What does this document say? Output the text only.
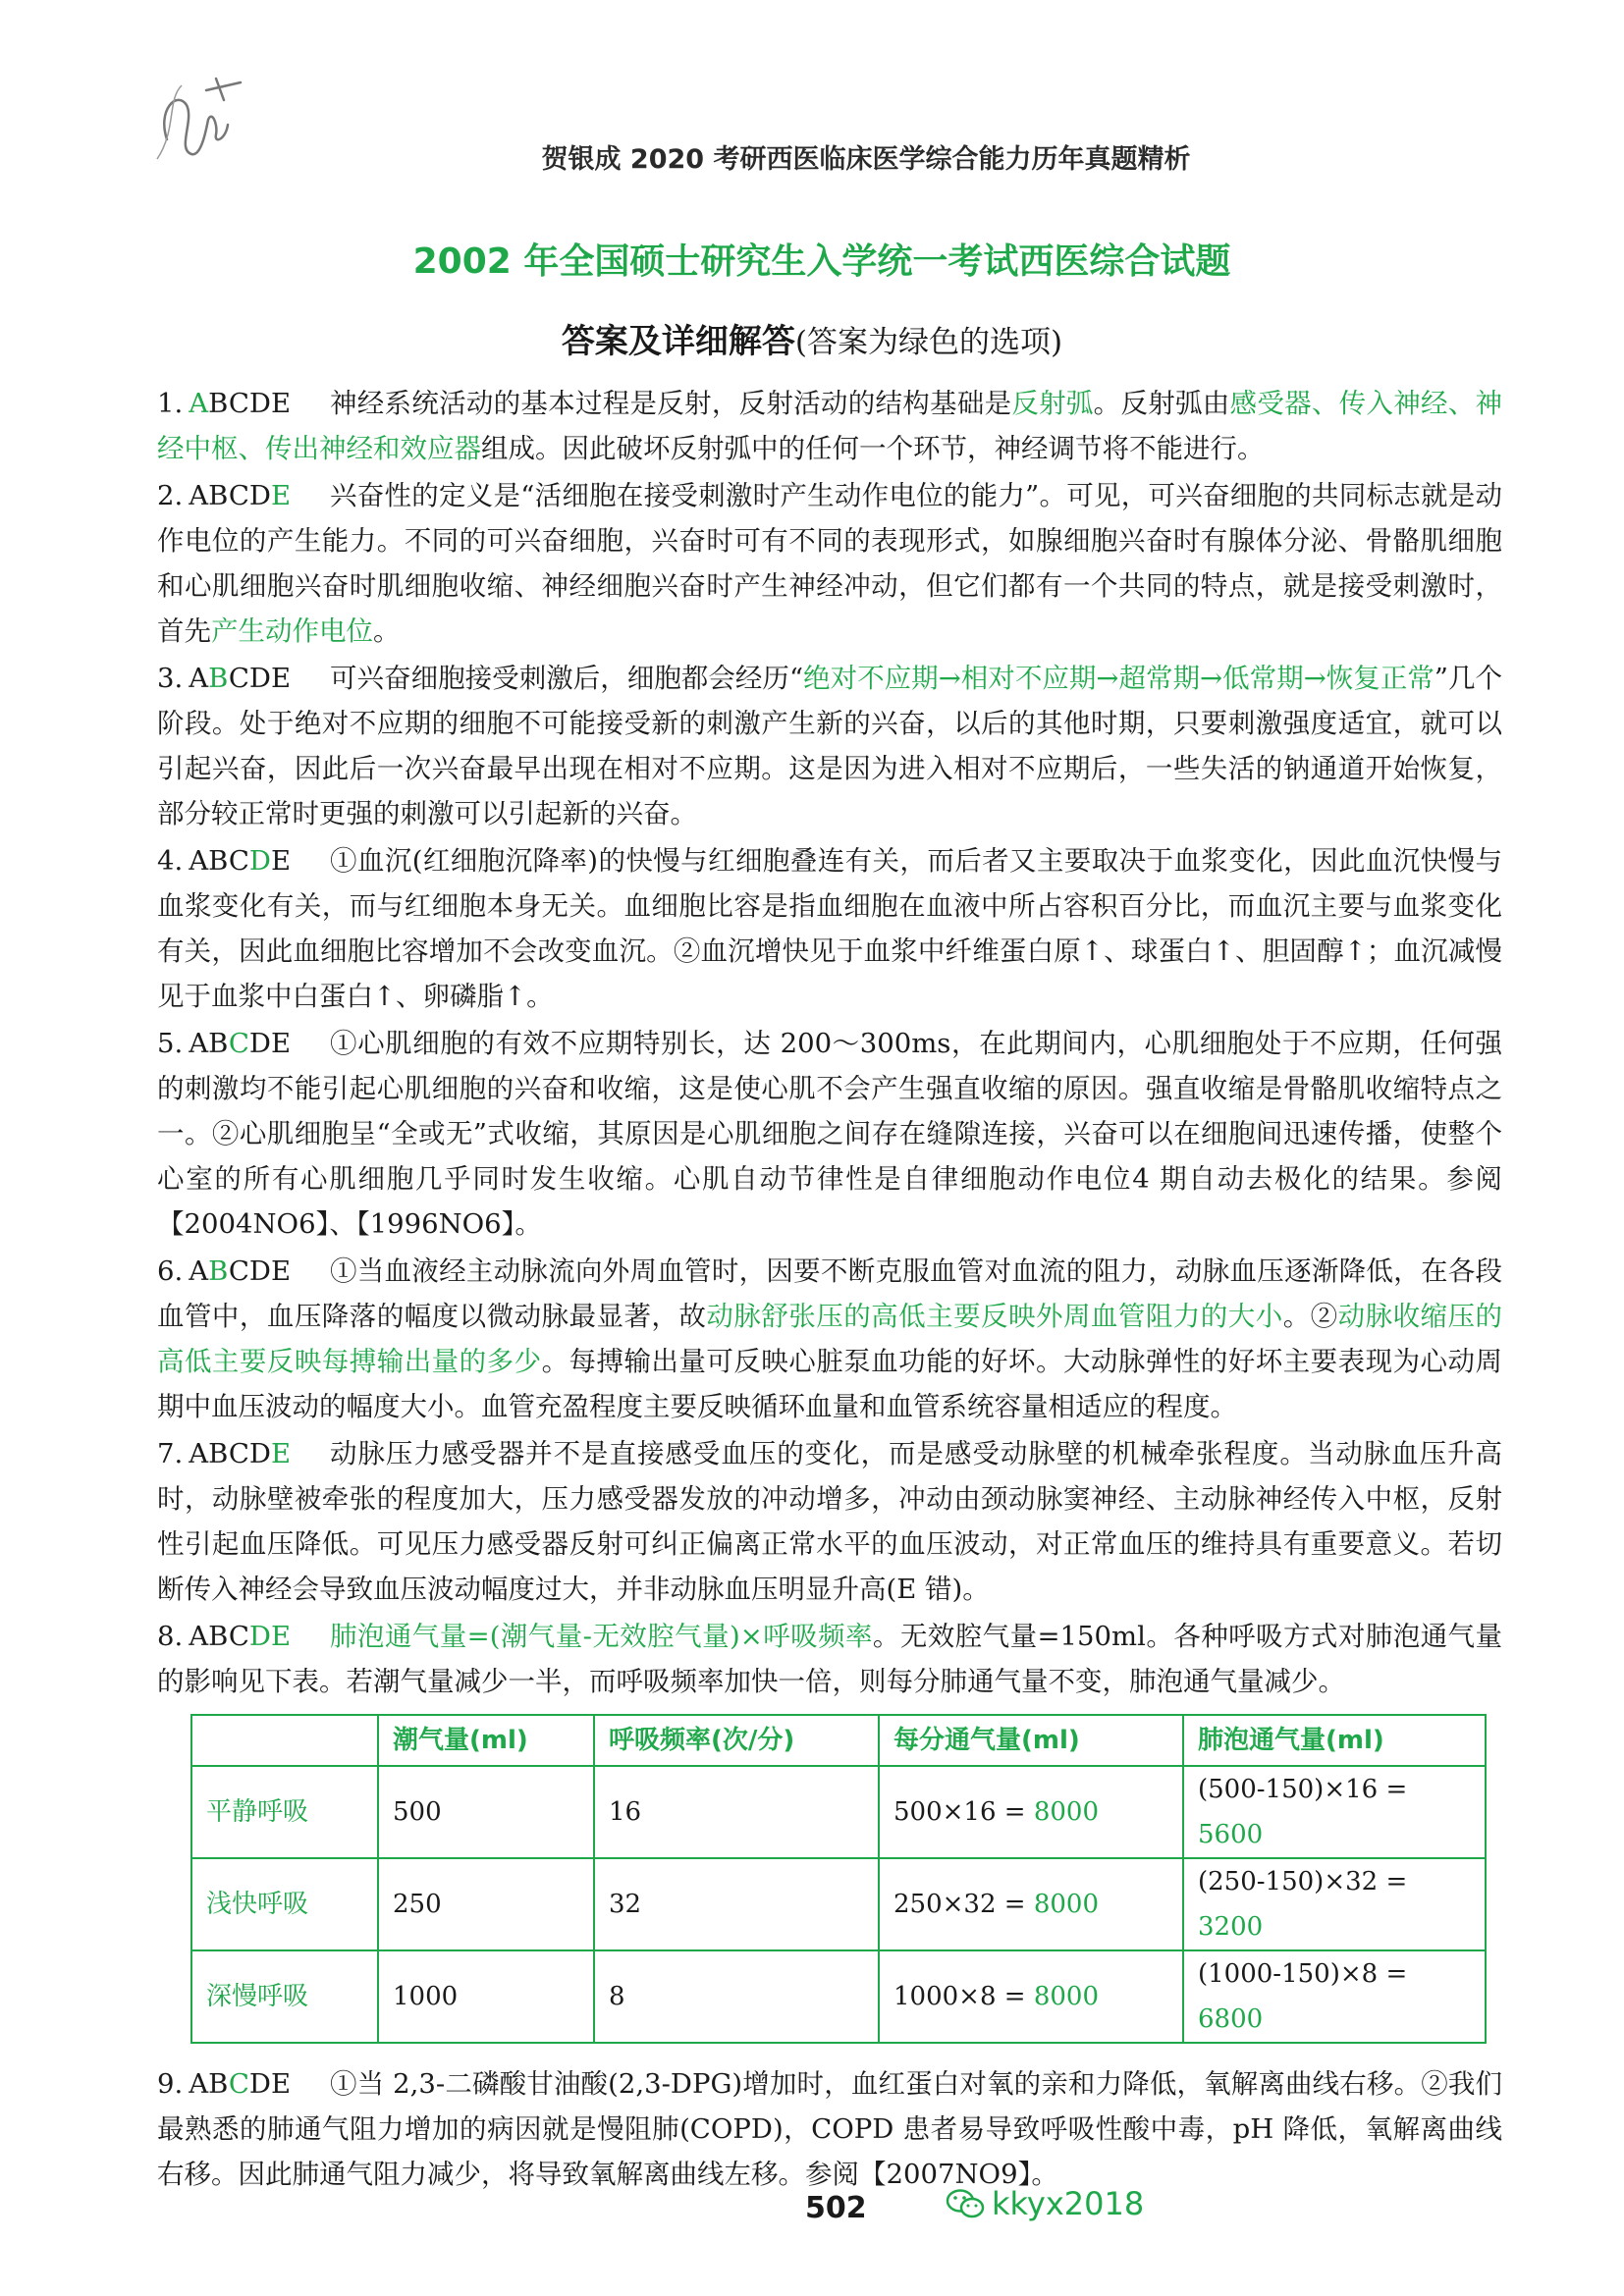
贺银成 2020 考研西医临床医学综合能力历年真题精析
2002 年全国硕士研究生入学统一考试西医综合试题
答案及详细解答(答案为绿色的选项)
1. ABCDE	神经系统活动的基本过程是反射，反射活动的结构基础是反射弧。反射弧由感受器、传入神经、神经中枢、传出神经和效应器组成。因此破坏反射弧中的任何一个环节，神经调节将不能进行。
2. ABCDE	兴奋性的定义是“活细胞在接受刺激时产生动作电位的能力”。可见，可兴奋细胞的共同标志就是动作电位的产生能力。不同的可兴奋细胞，兴奋时可有不同的表现形式，如腺细胞兴奋时有腺体分泌、骨骼肌细胞和心肌细胞兴奋时肌细胞收缩、神经细胞兴奋时产生神经冲动，但它们都有一个共同的特点，就是接受刺激时，首先产生动作电位。
3. ABCDE	可兴奋细胞接受刺激后，细胞都会经历“绝对不应期→相对不应期→超常期→低常期→恢复正常”几个阶段。处于绝对不应期的细胞不可能接受新的刺激产生新的兴奋，以后的其他时期，只要刺激强度适宜，就可以引起兴奋，因此后一次兴奋最早出现在相对不应期。这是因为进入相对不应期后，一些失活的钠通道开始恢复，部分较正常时更强的刺激可以引起新的兴奋。
4. ABCDE	①血沉(红细胞沉降率)的快慢与红细胞叠连有关，而后者又主要取决于血浆变化，因此血沉快慢与血浆变化有关，而与红细胞本身无关。血细胞比容是指血细胞在血液中所占容积百分比，而血沉主要与血浆变化有关，因此血细胞比容增加不会改变血沉。②血沉增快见于血浆中纤维蛋白原↑、球蛋白↑、胆固醇↑；血沉减慢见于血浆中白蛋白↑、卵磷脂↑。
5. ABCDE	①心肌细胞的有效不应期特别长，达 200～300ms，在此期间内，心肌细胞处于不应期，任何强的刺激均不能引起心肌细胞的兴奋和收缩，这是使心肌不会产生强直收缩的原因。强直收缩是骨骼肌收缩特点之一。②心肌细胞呈“全或无”式收缩，其原因是心肌细胞之间存在缝隙连接，兴奋可以在细胞间迅速传播，使整个心室的所有心肌细胞几乎同时发生收缩。心肌自动节律性是自律细胞动作电位4 期自动去极化的结果。参阅【2004NO6】、【1996NO6】。
6. ABCDE	①当血液经主动脉流向外周血管时，因要不断克服血管对血流的阻力，动脉血压逐渐降低，在各段血管中，血压降落的幅度以微动脉最显著，故动脉舒张压的高低主要反映外周血管阻力的大小。②动脉收缩压的高低主要反映每搏输出量的多少。每搏输出量可反映心脏泵血功能的好坏。大动脉弹性的好坏主要表现为心动周期中血压波动的幅度大小。血管充盈程度主要反映循环血量和血管系统容量相适应的程度。
7. ABCDE	动脉压力感受器并不是直接感受血压的变化，而是感受动脉壁的机械牵张程度。当动脉血压升高时，动脉壁被牵张的程度加大，压力感受器发放的冲动增多，冲动由颈动脉窦神经、主动脉神经传入中枢，反射性引起血压降低。可见压力感受器反射可纠正偏离正常水平的血压波动，对正常血压的维持具有重要意义。若切断传入神经会导致血压波动幅度过大，并非动脉血压明显升高(E 错)。
8. ABCDE	肺泡通气量=(潮气量-无效腔气量)×呼吸频率。无效腔气量=150ml。各种呼吸方式对肺泡通气量的影响见下表。若潮气量减少一半，而呼吸频率加快一倍，则每分肺通气量不变，肺泡通气量减少。
	潮气量(ml)	呼吸频率(次/分)	每分通气量(ml)	肺泡通气量(ml)
平静呼吸	500	16	500×16 = 8000	(500-150)×16 = 5600
浅快呼吸	250	32	250×32 = 8000	(250-150)×32 = 3200
深慢呼吸	1000	8	1000×8 = 8000	(1000-150)×8 = 6800
9. ABCDE	①当 2,3-二磷酸甘油酸(2,3-DPG)增加时，血红蛋白对氧的亲和力降低，氧解离曲线右移。②我们最熟悉的肺通气阻力增加的病因就是慢阻肺(COPD)，COPD 患者易导致呼吸性酸中毒，pH 降低，氧解离曲线右移。因此肺通气阻力减少，将导致氧解离曲线左移。参阅【2007NO9】。
502	kkyx2018
